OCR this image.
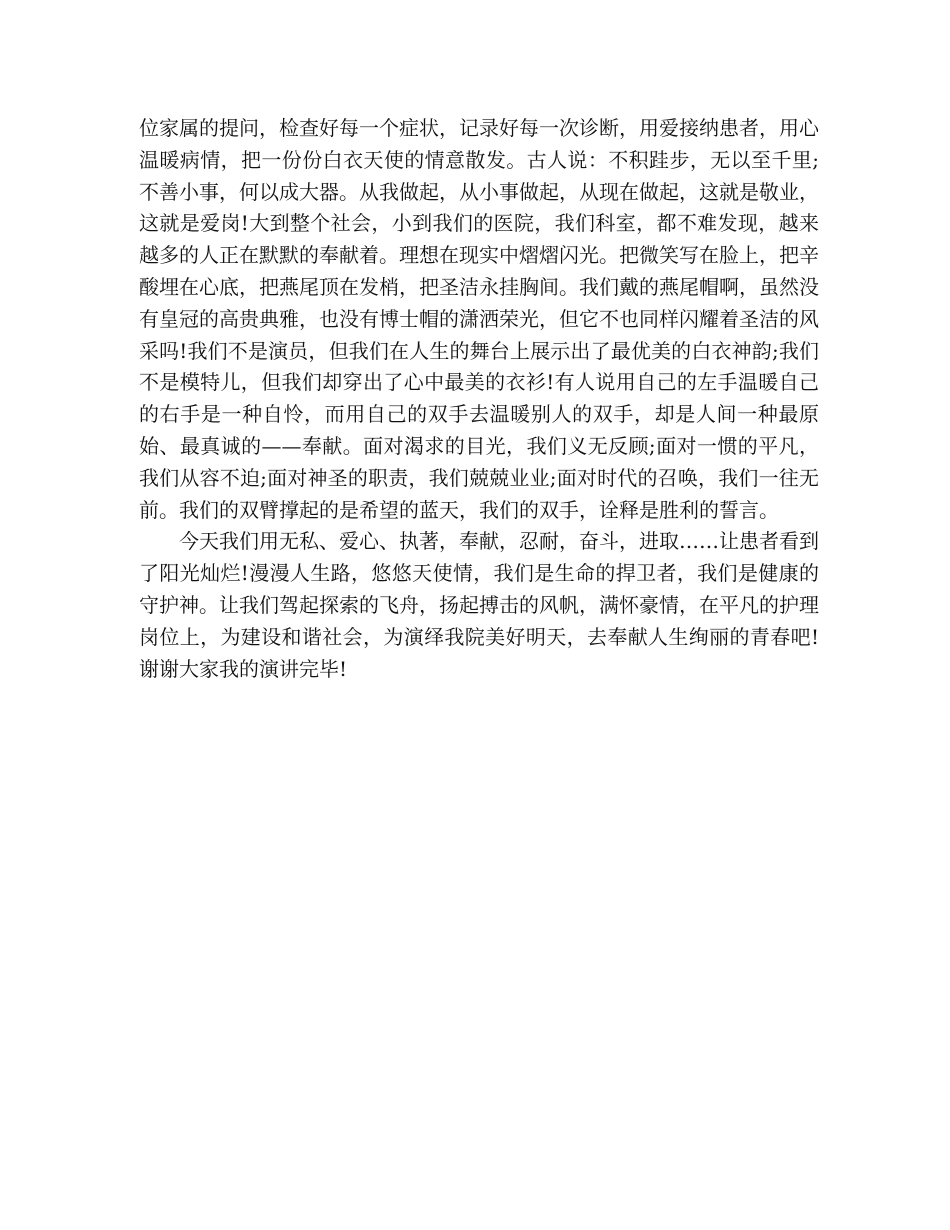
位家属的提问，检查好每一个症状，记录好每一次诊断，用爱接纳患者，用心温暖病情，把一份份白衣天使的情意散发。古人说：不积跬步，无以至千里;不善小事，何以成大器。从我做起，从小事做起，从现在做起，这就是敬业，这就是爱岗!大到整个社会，小到我们的医院，我们科室，都不难发现，越来越多的人正在默默的奉献着。理想在现实中熠熠闪光。把微笑写在脸上，把辛酸埋在心底，把燕尾顶在发梢，把圣洁永挂胸间。我们戴的燕尾帽啊，虽然没有皇冠的高贵典雅，也没有博士帽的潇洒荣光，但它不也同样闪耀着圣洁的风采吗!我们不是演员，但我们在人生的舞台上展示出了最优美的白衣神韵;我们不是模特儿，但我们却穿出了心中最美的衣衫!有人说用自己的左手温暖自己的右手是一种自怜，而用自己的双手去温暖别人的双手，却是人间一种最原始、最真诚的——奉献。面对渴求的目光，我们义无反顾;面对一惯的平凡，我们从容不迫;面对神圣的职责，我们兢兢业业;面对时代的召唤，我们一往无前。我们的双臂撑起的是希望的蓝天，我们的双手，诠释是胜利的誓言。

今天我们用无私、爱心、执著，奉献，忍耐，奋斗，进取……让患者看到了阳光灿烂!漫漫人生路，悠悠天使情，我们是生命的捍卫者，我们是健康的守护神。让我们驾起探索的飞舟，扬起搏击的风帆，满怀豪情，在平凡的护理岗位上，为建设和谐社会，为演绎我院美好明天，去奉献人生绚丽的青春吧!谢谢大家我的演讲完毕!
